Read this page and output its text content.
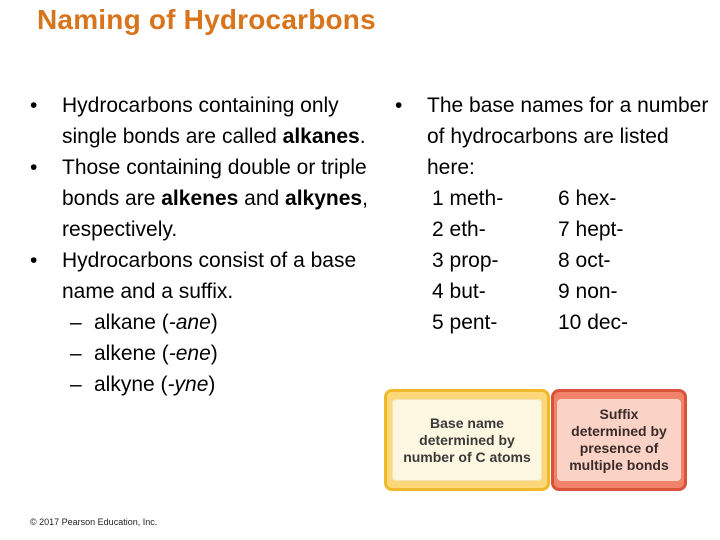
Naming of Hydrocarbons
• Hydrocarbons containing only single bonds are called alkanes.
• Those containing double or triple bonds are alkenes and alkynes, respectively.
• Hydrocarbons consist of a base name and a suffix.
– alkane (-ane)
– alkene (-ene)
– alkyne (-yne)
• The base names for a number of hydrocarbons are listed here:
1 meth-	6 hex-
2 eth-	7 hept-
3 prop-	8 oct-
4 but-	9 non-
5 pent-	10 dec-
Base name determined by number of C atoms
Suffix determined by presence of multiple bonds
© 2017 Pearson Education, Inc.
